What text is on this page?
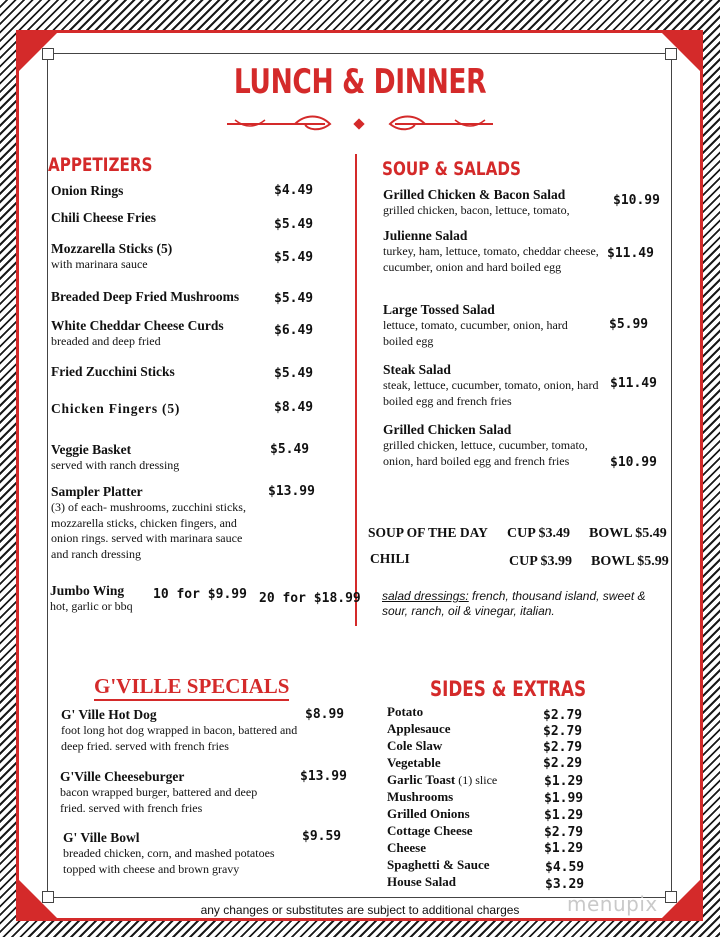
LUNCH & DINNER
APPETIZERS	SOUP & SALADS
Onion Rings	$4.49
Chili Cheese Fries	$5.49
Mozzarella Sticks (5)
with marinara sauce	$5.49
Breaded Deep Fried Mushrooms	$5.49
White Cheddar Cheese Curds
breaded and deep fried
$6.49
Fried Zucchini Sticks	$5.49
Chicken Fingers (5)	$8.49
Veggie Basket
served with ranch dressing
$5.49
Sampler Platter
(3) of each- mushrooms, zucchini sticks, mozzarella sticks, chicken fingers, and onion rings. served with marinara sauce and ranch dressing
$13.99
Jumbo Wing
hot, garlic or bbq
10 for $9.99 20 for $18.99
Grilled Chicken & Bacon Salad
grilled chicken, bacon, lettuce, tomato,
$10.99
Julienne Salad
turkey, ham, lettuce, tomato, cheddar cheese, cucumber, onion and hard boiled egg
$11.49
Large Tossed Salad
lettuce, tomato, cucumber, onion, hard boiled egg
$5.99
Steak Salad
steak, lettuce, cucumber, tomato, onion, hard boiled egg and french fries
$11.49
Grilled Chicken Salad
grilled chicken, lettuce, cucumber, tomato, onion, hard boiled egg and french fries	$10.99
SOUP OF THE DAY CUP $3.49 BOWL $5.49
CHILI	CUP $3.99 BOWL $5.99
salad dressings: french, thousand island, sweet &
sour, ranch, oil & vinegar, italian.
G'VILLE SPECIALS
G' Ville Hot Dog
foot long hot dog wrapped in bacon, battered and deep fried. served with french fries
$8.99
G'Ville Cheeseburger
bacon wrapped burger, battered and deep fried. served with french fries
$13.99
G' Ville Bowl
breaded chicken, corn, and mashed potatoes topped with cheese and brown gravy
$9.59
SIDES & EXTRAS
Potato	$2.79
Applesauce	$2.79
Cole Slaw	$2.79
Vegetable	$2.29
Garlic Toast (1) slice	$1.29
Mushrooms	$1.99
Grilled Onions	$1.29
Cottage Cheese	$2.79
Cheese	$1.29
Spaghetti & Sauce	$4.59
House Salad	$3.29
any changes or substitutes are subject to additional charges	menupix
